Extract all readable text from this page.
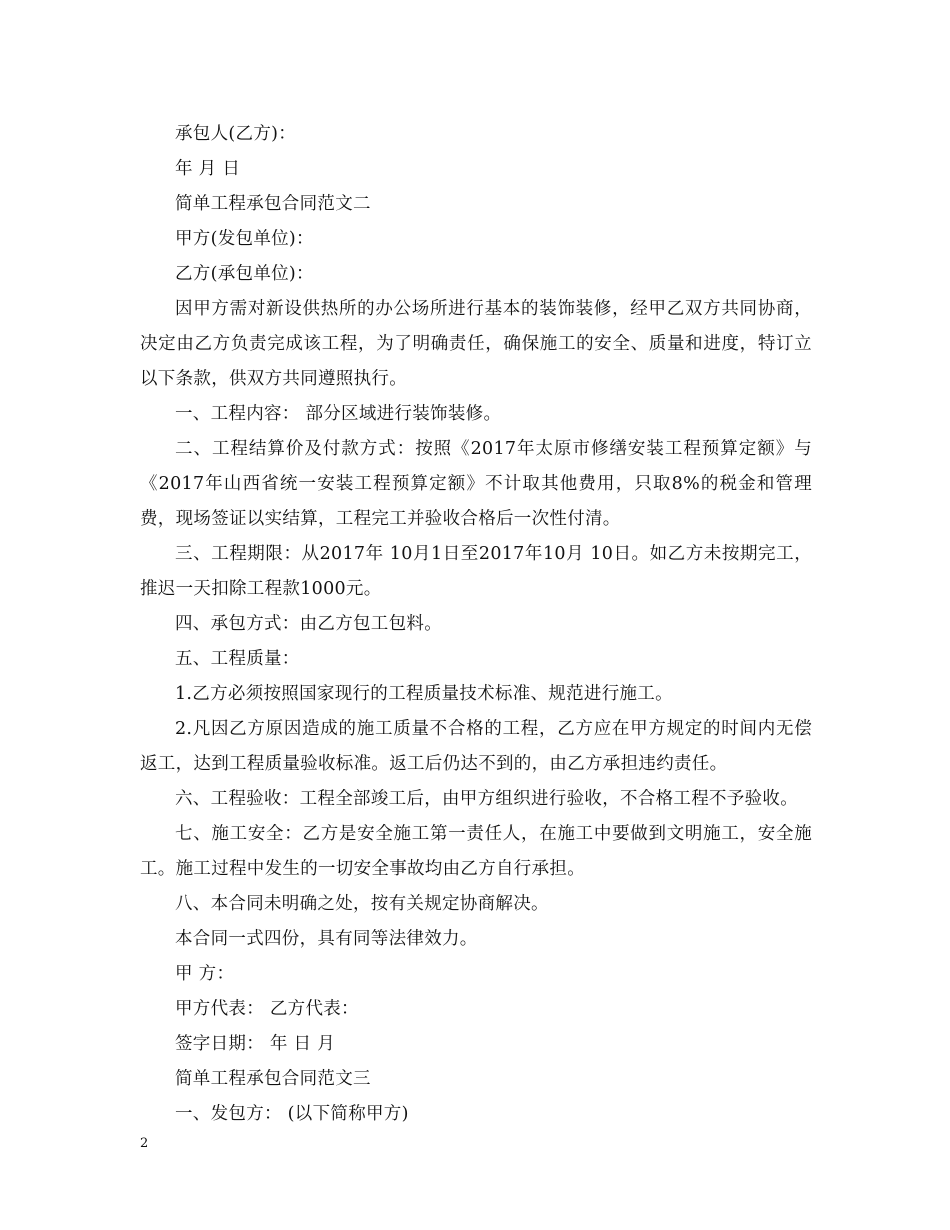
承包人(乙方)：

年 月 日

简单工程承包合同范文二

甲方(发包单位)：

乙方(承包单位)：

因甲方需对新设供热所的办公场所进行基本的装饰装修，经甲乙双方共同协商，决定由乙方负责完成该工程，为了明确责任，确保施工的安全、质量和进度，特订立以下条款，供双方共同遵照执行。

一、工程内容： 部分区域进行装饰装修。

二、工程结算价及付款方式：按照《2017年太原市修缮安装工程预算定额》与《2017年山西省统一安装工程预算定额》不计取其他费用，只取8%的税金和管理费，现场签证以实结算，工程完工并验收合格后一次性付清。

三、工程期限：从2017年 10月1日至2017年10月 10日。如乙方未按期完工，推迟一天扣除工程款1000元。

四、承包方式：由乙方包工包料。

五、工程质量：

1.乙方必须按照国家现行的工程质量技术标准、规范进行施工。

2.凡因乙方原因造成的施工质量不合格的工程，乙方应在甲方规定的时间内无偿返工，达到工程质量验收标准。返工后仍达不到的，由乙方承担违约责任。

六、工程验收：工程全部竣工后，由甲方组织进行验收，不合格工程不予验收。

七、施工安全：乙方是安全施工第一责任人，在施工中要做到文明施工，安全施工。施工过程中发生的一切安全事故均由乙方自行承担。

八、本合同未明确之处，按有关规定协商解决。

本合同一式四份，具有同等法律效力。

甲 方：

甲方代表： 乙方代表：

签字日期： 年 日 月

简单工程承包合同范文三

一、发包方： (以下简称甲方)

2
